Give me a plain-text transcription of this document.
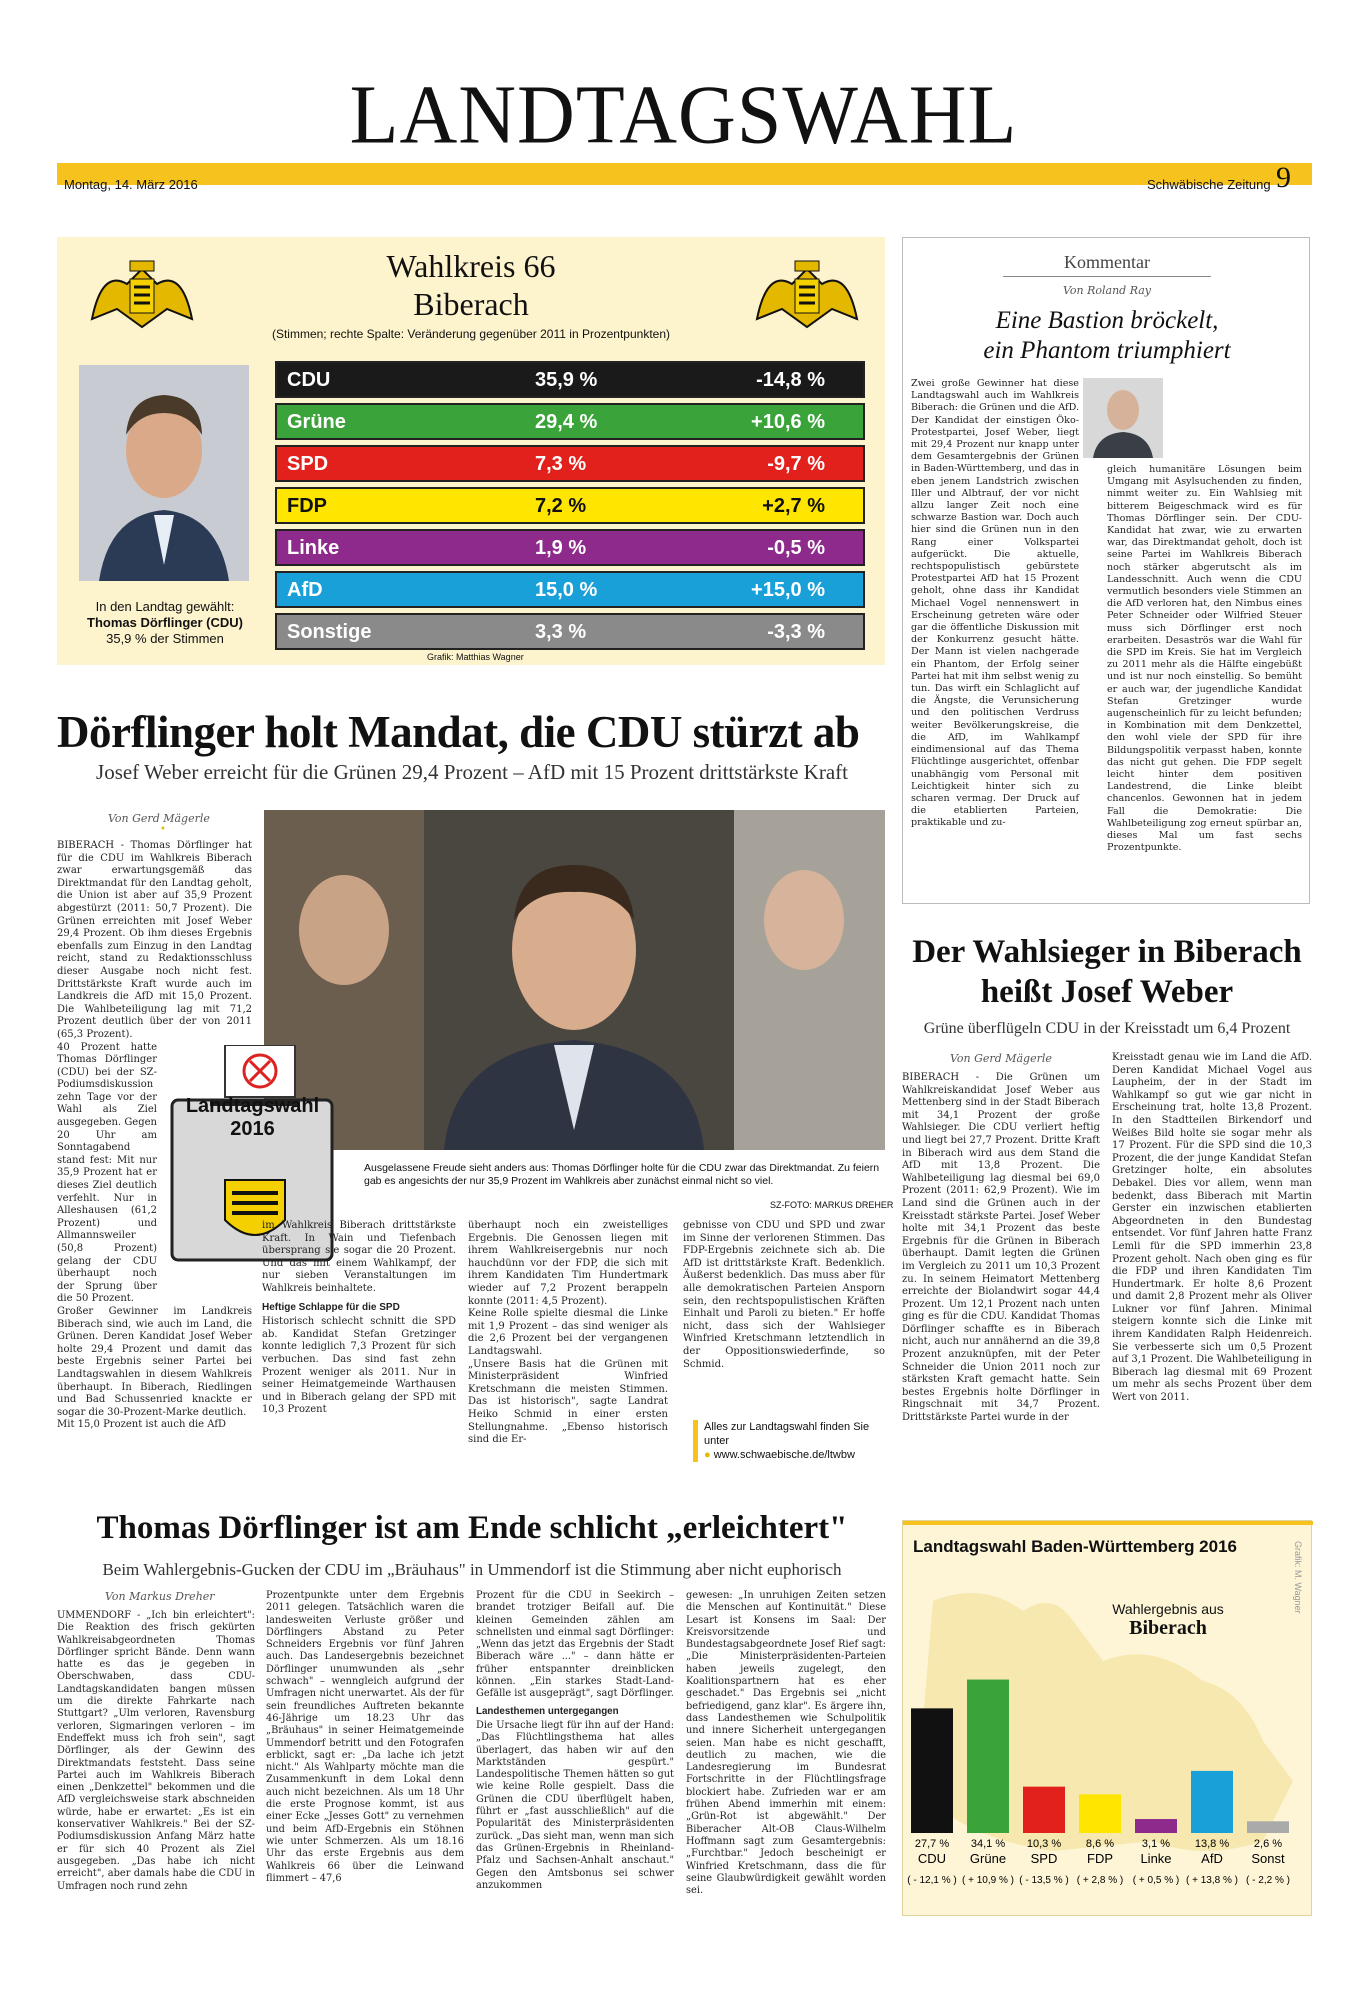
LANDTAGSWAHL
Montag, 14. März 2016	Schwäbische Zeitung 9
Wahlkreis 66
Biberach
(Stimmen; rechte Spalte: Veränderung gegenüber 2011 in Prozentpunkten)
In den Landtag gewählt:
Thomas Dörflinger (CDU)
35,9 % der Stimmen
CDU	35,9 %	-14,8 %
Grüne	29,4 %	+10,6 %
SPD	7,3 %	-9,7 %
FDP	7,2 %	+2,7 %
Linke	1,9 %	-0,5 %
AfD	15,0 %	+15,0 %
Sonstige	3,3 %	-3,3 %
Grafik: Matthias Wagner
Dörflinger holt Mandat, die CDU stürzt ab
Josef Weber erreicht für die Grünen 29,4 Prozent – AfD mit 15 Prozent drittstärkste Kraft
Von Gerd Mägerle
•

BIBERACH - Thomas Dörflinger hat für die CDU im Wahlkreis Biberach zwar erwartungsgemäß das Direktmandat für den Landtag geholt, die Union ist aber auf 35,9 Prozent abgestürzt (2011: 50,7 Prozent). Die Grünen erreichten mit Josef Weber 29,4 Prozent. Ob ihm dieses Ergebnis ebenfalls zum Einzug in den Landtag reicht, stand zu Redaktionsschluss dieser Ausgabe noch nicht fest. Drittstärkste Kraft wurde auch im Landkreis die AfD mit 15,0 Prozent. Die Wahlbeteiligung lag mit 71,2 Prozent deutlich über der von 2011 (65,3 Prozent).

40 Prozent hatte Thomas Dörflinger (CDU) bei der SZ-Podiumsdiskussion zehn Tage vor der Wahl als Ziel ausgegeben. Gegen 20 Uhr am Sonntagabend stand fest: Mit nur 35,9 Prozent hat er dieses Ziel deutlich verfehlt. Nur in Alleshausen (61,2 Prozent) und Allmannsweiler (50,8 Prozent) gelang der CDU überhaupt noch der Sprung über die 50 Prozent.

Großer Gewinner im Landkreis Biberach sind, wie auch im Land, die Grünen. Deren Kandidat Josef Weber holte 29,4 Prozent und damit das beste Ergebnis seiner Partei bei Landtagswahlen in diesem Wahlkreis überhaupt. In Biberach, Riedlingen und Bad Schussenried knackte er sogar die 30-Prozent-Marke deutlich.

Mit 15,0 Prozent ist auch die AfD

Landtagswahl
2016
Ausgelassene Freude sieht anders aus: Thomas Dörflinger holte für die CDU zwar das Direktmandat. Zu feiern gab es angesichts der nur 35,9 Prozent im Wahlkreis aber zunächst einmal nicht so viel.
SZ-FOTO: MARKUS DREHER

im Wahlkreis Biberach drittstärkste Kraft. In Wain und Tiefenbach übersprang sie sogar die 20 Prozent. Und das mit einem Wahlkampf, der nur sieben Veranstaltungen im Wahlkreis beinhaltete.

Heftige Schlappe für die SPD

Historisch schlecht schnitt die SPD ab. Kandidat Stefan Gretzinger konnte lediglich 7,3 Prozent für sich verbuchen. Das sind fast zehn Prozent weniger als 2011. Nur in seiner Heimatgemeinde Warthausen und in Biberach gelang der SPD mit 10,3 Prozent

überhaupt noch ein zweistelliges Ergebnis. Die Genossen liegen mit ihrem Wahlkreisergebnis nur noch hauchdünn vor der FDP, die sich mit ihrem Kandidaten Tim Hundertmark wieder auf 7,2 Prozent berappeln konnte (2011: 4,5 Prozent).

Keine Rolle spielte diesmal die Linke mit 1,9 Prozent – das sind weniger als die 2,6 Prozent bei der vergangenen Landtagswahl.

„Unsere Basis hat die Grünen mit Ministerpräsident Winfried Kretschmann die meisten Stimmen. Das ist historisch", sagte Landrat Heiko Schmid in einer ersten Stellungnahme. „Ebenso historisch sind die Er-

gebnisse von CDU und SPD und zwar im Sinne der verlorenen Stimmen. Das FDP-Ergebnis zeichnete sich ab. Die AfD ist drittstärkste Kraft. Bedenklich. Äußerst bedenklich. Das muss aber für alle demokratischen Parteien Ansporn sein, den rechtspopulistischen Kräften Einhalt und Paroli zu bieten." Er hoffe nicht, dass sich der Wahlsieger Winfried Kretschmann letztendlich in der Oppositionswiederfinde, so Schmid.

Alles zur Landtagswahl finden Sie unter
● www.schwaebische.de/ltwbw
Kommentar
Von Roland Ray
Eine Bastion bröckelt,
ein Phantom triumphiert

Zwei große Gewinner hat diese Landtagswahl auch im Wahlkreis Biberach: die Grünen und die AfD. Der Kandidat der einstigen Öko-Protestpartei, Josef Weber, liegt mit 29,4 Prozent nur knapp unter dem Gesamtergebnis der Grünen in Baden-Württemberg, und das in eben jenem Landstrich zwischen Iller und Albtrauf, der vor nicht allzu langer Zeit noch eine schwarze Bastion war. Doch auch hier sind die Grünen nun in den Rang einer Volkspartei aufgerückt. Die aktuelle, rechtspopulistisch gebürstete Protestpartei AfD hat 15 Prozent geholt, ohne dass ihr Kandidat Michael Vogel nennenswert in Erscheinung getreten wäre oder gar die öffentliche Diskussion mit der Konkurrenz gesucht hätte. Der Mann ist vielen nachgerade ein Phantom, der Erfolg seiner Partei hat mit ihm selbst wenig zu tun. Das wirft ein Schlaglicht auf die Ängste, die Verunsicherung und den politischen Verdruss weiter Bevölkerungskreise, die die AfD, im Wahlkampf eindimensional auf das Thema Flüchtlinge ausgerichtet, offenbar unabhängig vom Personal mit Leichtigkeit hinter sich zu scharen vermag. Der Druck auf die etablierten Parteien, praktikable und zu-

gleich humanitäre Lösungen beim Umgang mit Asylsuchenden zu finden, nimmt weiter zu. Ein Wahlsieg mit bitterem Beigeschmack wird es für Thomas Dörflinger sein. Der CDU-Kandidat hat zwar, wie zu erwarten war, das Direktmandat geholt, doch ist seine Partei im Wahlkreis Biberach noch stärker abgerutscht als im Landesschnitt. Auch wenn die CDU vermutlich besonders viele Stimmen an die AfD verloren hat, den Nimbus eines Peter Schneider oder Wilfried Steuer muss sich Dörflinger erst noch erarbeiten. Desaströs war die Wahl für die SPD im Kreis. Sie hat im Vergleich zu 2011 mehr als die Hälfte eingebüßt und ist nur noch einstellig. So bemüht er auch war, der jugendliche Kandidat Stefan Gretzinger wurde augenscheinlich für zu leicht befunden; in Kombination mit dem Denkzettel, den wohl viele der SPD für ihre Bildungspolitik verpasst haben, konnte das nicht gut gehen. Die FDP segelt leicht hinter dem positiven Landestrend, die Linke bleibt chancenlos. Gewonnen hat in jedem Fall die Demokratie: Die Wahlbeteiligung zog erneut spürbar an, dieses Mal um fast sechs Prozentpunkte.

Der Wahlsieger in Biberach
heißt Josef Weber
Grüne überflügeln CDU in der Kreisstadt um 6,4 Prozent
Von Gerd Mägerle

BIBERACH - Die Grünen um Wahlkreiskandidat Josef Weber aus Mettenberg sind in der Stadt Biberach mit 34,1 Prozent der große Wahlsieger. Die CDU verliert heftig und liegt bei 27,7 Prozent. Dritte Kraft in Biberach wird aus dem Stand die AfD mit 13,8 Prozent. Die Wahlbeteiligung lag diesmal bei 69,0 Prozent (2011: 62,9 Prozent). Wie im Land sind die Grünen auch in der Kreisstadt stärkste Partei. Josef Weber holte mit 34,1 Prozent das beste Ergebnis für die Grünen in Biberach überhaupt. Damit legten die Grünen im Vergleich zu 2011 um 10,3 Prozent zu. In seinem Heimatort Mettenberg erreichte der Biolandwirt sogar 44,4 Prozent. Um 12,1 Prozent nach unten ging es für die CDU. Kandidat Thomas Dörflinger schaffte es in Biberach nicht, auch nur annähernd an die 39,8 Prozent anzuknüpfen, mit der Peter Schneider die Union 2011 noch zur stärksten Kraft gemacht hatte. Sein bestes Ergebnis holte Dörflinger in Ringschnait mit 34,7 Prozent. Drittstärkste Partei wurde in der

Kreisstadt genau wie im Land die AfD. Deren Kandidat Michael Vogel aus Laupheim, der in der Stadt im Wahlkampf so gut wie gar nicht in Erscheinung trat, holte 13,8 Prozent. In den Stadtteilen Birkendorf und Weißes Bild holte sie sogar mehr als 17 Prozent. Für die SPD sind die 10,3 Prozent, die der junge Kandidat Stefan Gretzinger holte, ein absolutes Debakel. Dies vor allem, wenn man bedenkt, dass Biberach mit Martin Gerster ein inzwischen etablierten Abgeordneten in den Bundestag entsendet. Vor fünf Jahren hatte Franz Lemli für die SPD immerhin 23,8 Prozent geholt. Nach oben ging es für die FDP und ihren Kandidaten Tim Hundertmark. Er holte 8,6 Prozent und damit 2,8 Prozent mehr als Oliver Lukner vor fünf Jahren. Minimal steigern konnte sich die Linke mit ihrem Kandidaten Ralph Heidenreich. Sie verbesserte sich um 0,5 Prozent auf 3,1 Prozent. Die Wahlbeteiligung in Biberach lag diesmal mit 69 Prozent um mehr als sechs Prozent über dem Wert von 2011.

Thomas Dörflinger ist am Ende schlicht „erleichtert"
Beim Wahlergebnis-Gucken der CDU im „Bräuhaus" in Ummendorf ist die Stimmung aber nicht euphorisch
Von Markus Dreher

UMMENDORF - „Ich bin erleichtert": Die Reaktion des frisch gekürten Wahlkreisabgeordneten Thomas Dörflinger spricht Bände. Denn wann hatte es das je gegeben in Oberschwaben, dass CDU-Landtagskandidaten bangen müssen um die direkte Fahrkarte nach Stuttgart? „Ulm verloren, Ravensburg verloren, Sigmaringen verloren – im Endeffekt muss ich froh sein", sagt Dörflinger, als der Gewinn des Direktmandats feststeht. Dass seine Partei auch im Wahlkreis Biberach einen „Denkzettel" bekommen und die AfD vergleichsweise stark abschneiden würde, habe er erwartet: „Es ist ein konservativer Wahlkreis." Bei der SZ-Podiumsdiskussion Anfang März hatte er für sich 40 Prozent als Ziel ausgegeben. „Das habe ich nicht erreicht", aber damals habe die CDU in Umfragen noch rund zehn

Prozentpunkte unter dem Ergebnis 2011 gelegen. Tatsächlich waren die landesweiten Verluste größer und Dörflingers Abstand zu Peter Schneiders Ergebnis vor fünf Jahren auch. Das Landesergebnis bezeichnet Dörflinger unumwunden als „sehr schwach" – wenngleich aufgrund der Umfragen nicht unerwartet. Als der für sein freundliches Auftreten bekannte 46-Jährige um 18.23 Uhr das „Bräuhaus" in seiner Heimatgemeinde Ummendorf betritt und den Fotografen erblickt, sagt er: „Da lache ich jetzt nicht." Als Wahlparty möchte man die Zusammenkunft in dem Lokal denn auch nicht bezeichnen. Als um 18 Uhr die erste Prognose kommt, ist aus einer Ecke „Jesses Gott" zu vernehmen und beim AfD-Ergebnis ein Stöhnen wie unter Schmerzen. Als um 18.16 Uhr das erste Ergebnis aus dem Wahlkreis 66 über die Leinwand flimmert – 47,6

Prozent für die CDU in Seekirch – brandet trotziger Beifall auf. Die kleinen Gemeinden zählen am schnellsten und einmal sagt Dörflinger: „Wenn das jetzt das Ergebnis der Stadt Biberach wäre ..." – dann hätte er früher entspannter dreinblicken können. „Ein starkes Stadt-Land-Gefälle ist ausgeprägt", sagt Dörflinger.

Landesthemen untergegangen

Die Ursache liegt für ihn auf der Hand: „Das Flüchtlingsthema hat alles überlagert, das haben wir auf den Marktständen gespürt." Landespolitische Themen hätten so gut wie keine Rolle gespielt. Dass die Grünen die CDU überflügelt haben, führt er „fast ausschließlich" auf die Popularität des Ministerpräsidenten zurück. „Das sieht man, wenn man sich das Grünen-Ergebnis in Rheinland-Pfalz und Sachsen-Anhalt anschaut." Gegen den Amtsbonus sei schwer anzukommen

gewesen: „In unruhigen Zeiten setzen die Menschen auf Kontinuität." Diese Lesart ist Konsens im Saal: Der Kreisvorsitzende und Bundestagsabgeordnete Josef Rief sagt: „Die Ministerpräsidenten-Parteien haben jeweils zugelegt, den Koalitionspartnern hat es eher geschadet." Das Ergebnis sei „nicht befriedigend, ganz klar". Es ärgere ihn, dass Landesthemen wie Schulpolitik und innere Sicherheit untergegangen seien. Man habe es nicht geschafft, deutlich zu machen, wie die Landesregierung im Bundesrat Fortschritte in der Flüchtlingsfrage blockiert habe. Zufrieden war er am frühen Abend immerhin mit einem: „Grün-Rot ist abgewählt." Der Biberacher Alt-OB Claus-Wilhelm Hoffmann sagt zum Gesamtergebnis: „Furchtbar." Jedoch bescheinigt er Winfried Kretschmann, dass die für seine Glaubwürdigkeit gewählt worden sei.

Landtagswahl Baden-Württemberg 2016	Grafik: M. Wagner
Wahlergebnis aus
Biberach
27,7 %
CDU
( - 12,1 % )
34,1 %
Grüne
( + 10,9 % )
10,3 %
SPD
( - 13,5 % )
8,6 %
FDP
( + 2,8 % )
3,1 %
Linke
( + 0,5 % )
13,8 %
AfD
( + 13,8 % )
2,6 %
Sonst
( - 2,2 % )
